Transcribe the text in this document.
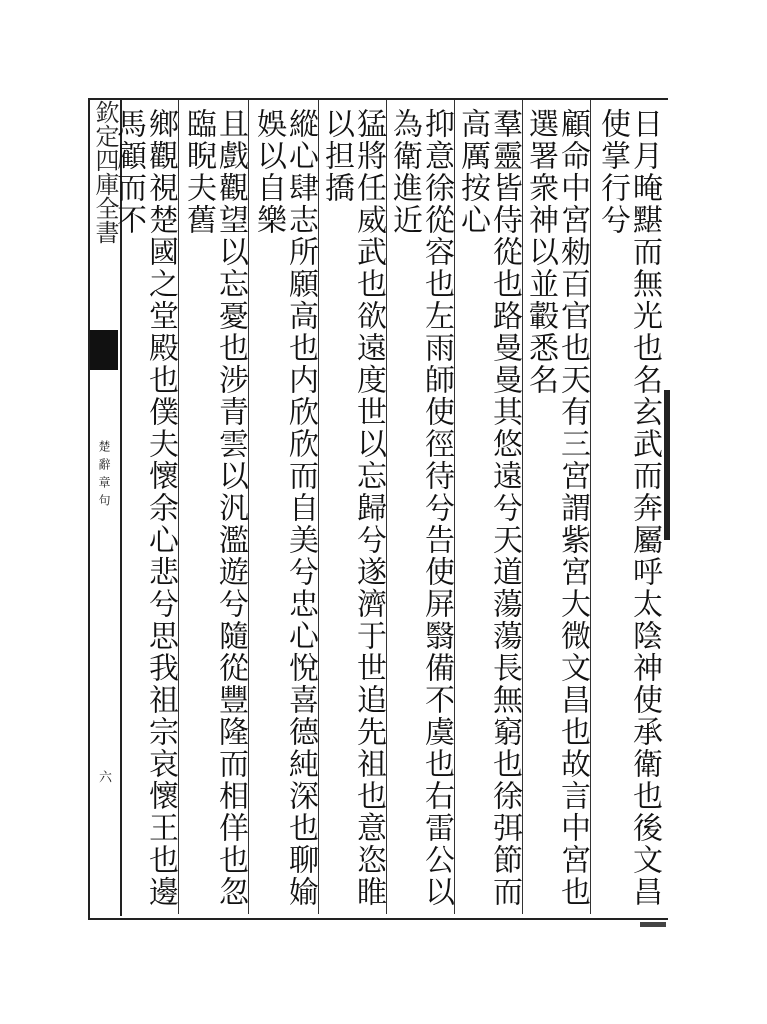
欽定四庫全書
楚辭章句
六	日月晻黮而無光也名玄武而奔屬呼太陰神使承衛也後文昌使掌行兮
顧命中宮勑百官也天有三宮謂紫宮大微文昌也故言中宮也選署衆神以並轂悉名
羣靈皆侍從也路曼曼其悠遠兮天道蕩蕩長無窮也徐弭節而高厲按心
抑意徐從容也左雨師使徑待兮告使屏翳備不虞也右雷公以為衛進近
猛將任威武也欲遠度世以忘歸兮遂濟于世追先祖也意恣睢以担撟
縱心肆志所願高也内欣欣而自美兮忠心悅喜德純深也聊媮娛以自樂
且戲觀望以忘憂也涉青雲以汎濫遊兮隨從豐隆而相佯也忽臨睨夫舊
鄉觀視楚國之堂殿也僕夫懷余心悲兮思我祖宗哀懷王也邊馬顧而不
